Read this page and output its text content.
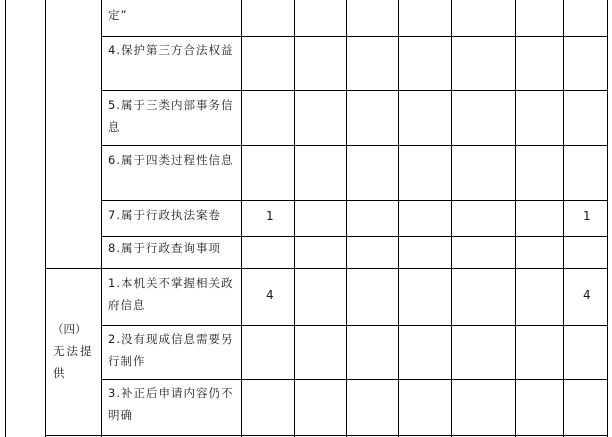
定”
4.保护第三方合法权益
5.属于三类内部事务信息
6.属于四类过程性信息
7.属于行政执法案卷
8.属于行政查询事项
1.本机关不掌握相关政府信息
2.没有现成信息需要另行制作
3.补正后申请内容仍不明确
1	1
4	4
（四）
无法提
供
